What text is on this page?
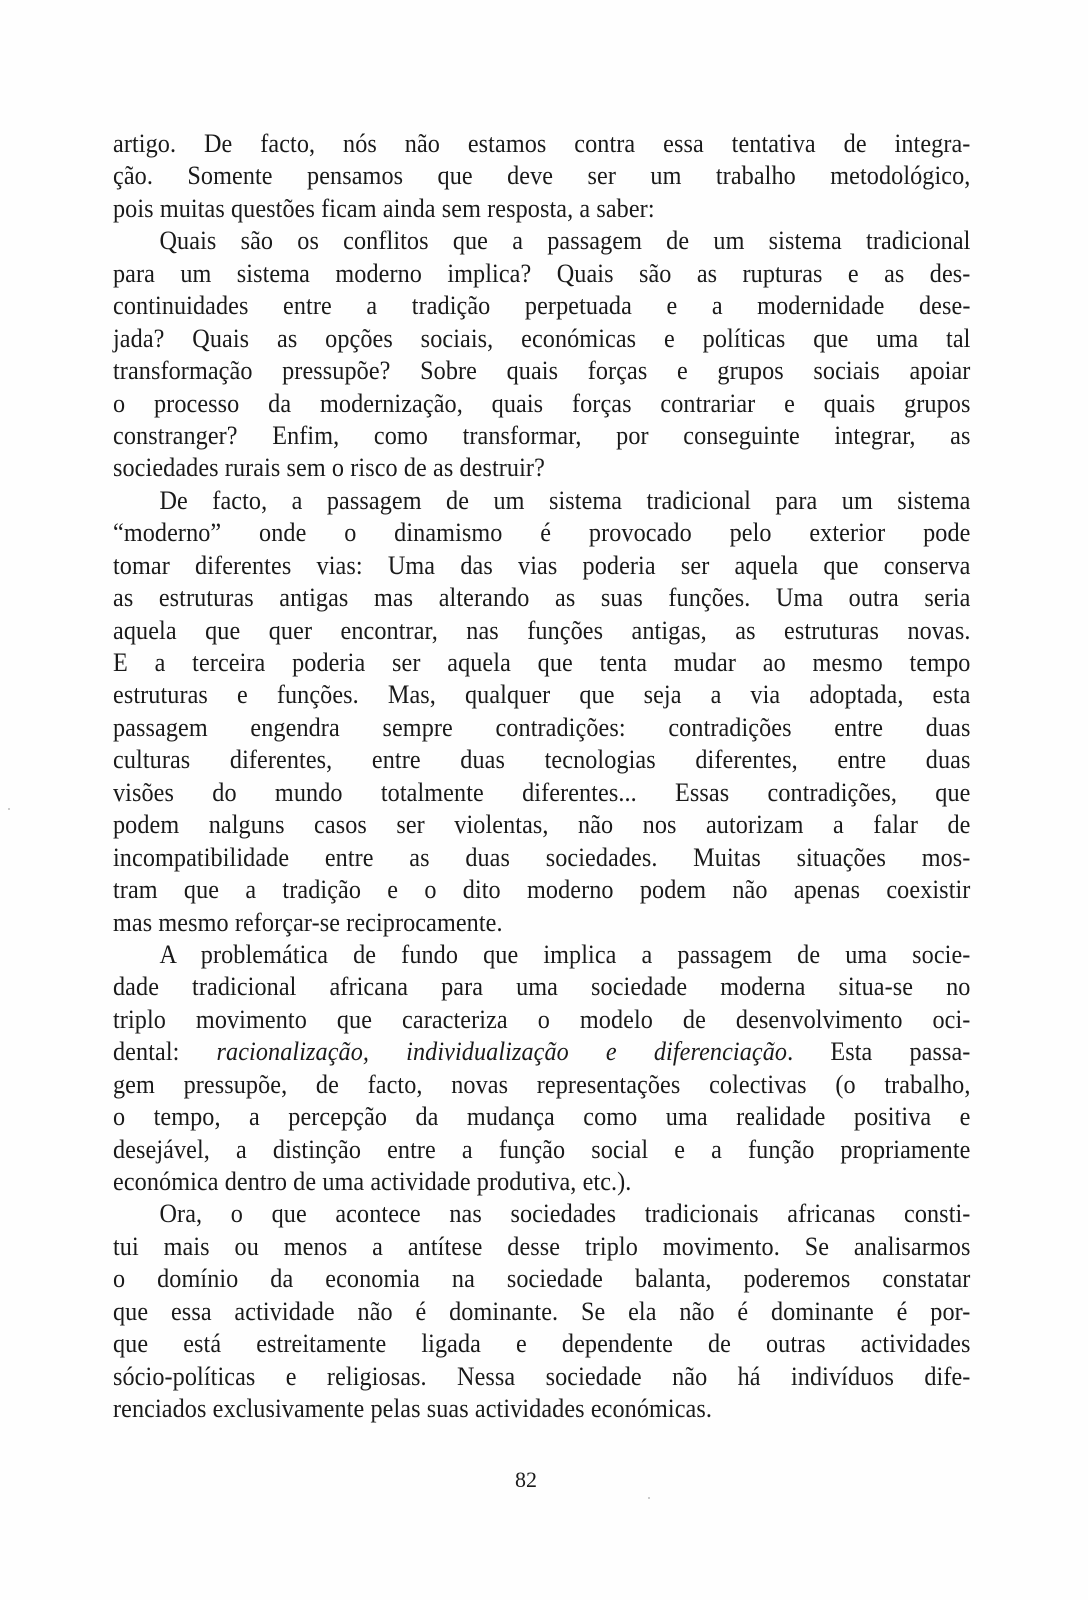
artigo. De facto, nós não estamos contra essa tentativa de integra-
ção. Somente pensamos que deve ser um trabalho metodológico,
pois muitas questões ficam ainda sem resposta, a saber:
Quais são os conflitos que a passagem de um sistema tradicional
para um sistema moderno implica? Quais são as rupturas e as des-
continuidades entre a tradição perpetuada e a modernidade dese-
jada? Quais as opções sociais, económicas e políticas que uma tal
transformação pressupõe? Sobre quais forças e grupos sociais apoiar
o processo da modernização, quais forças contrariar e quais grupos
constranger? Enfim, como transformar, por conseguinte integrar, as
sociedades rurais sem o risco de as destruir?
De facto, a passagem de um sistema tradicional para um sistema
“moderno” onde o dinamismo é provocado pelo exterior pode
tomar diferentes vias: Uma das vias poderia ser aquela que conserva
as estruturas antigas mas alterando as suas funções. Uma outra seria
aquela que quer encontrar, nas funções antigas, as estruturas novas.
E a terceira poderia ser aquela que tenta mudar ao mesmo tempo
estruturas e funções. Mas, qualquer que seja a via adoptada, esta
passagem engendra sempre contradições: contradições entre duas
culturas diferentes, entre duas tecnologias diferentes, entre duas
visões do mundo totalmente diferentes... Essas contradições, que
podem nalguns casos ser violentas, não nos autorizam a falar de
incompatibilidade entre as duas sociedades. Muitas situações mos-
tram que a tradição e o dito moderno podem não apenas coexistir
mas mesmo reforçar-se reciprocamente.
A problemática de fundo que implica a passagem de uma socie-
dade tradicional africana para uma sociedade moderna situa-se no
triplo movimento que caracteriza o modelo de desenvolvimento oci-
dental: racionalização, individualização e diferenciação. Esta passa-
gem pressupõe, de facto, novas representações colectivas (o trabalho,
o tempo, a percepção da mudança como uma realidade positiva e
desejável, a distinção entre a função social e a função propriamente
económica dentro de uma actividade produtiva, etc.).
Ora, o que acontece nas sociedades tradicionais africanas consti-
tui mais ou menos a antítese desse triplo movimento. Se analisarmos
o domínio da economia na sociedade balanta, poderemos constatar
que essa actividade não é dominante. Se ela não é dominante é por-
que está estreitamente ligada e dependente de outras actividades
sócio-políticas e religiosas. Nessa sociedade não há indivíduos dife-
renciados exclusivamente pelas suas actividades económicas.
82
